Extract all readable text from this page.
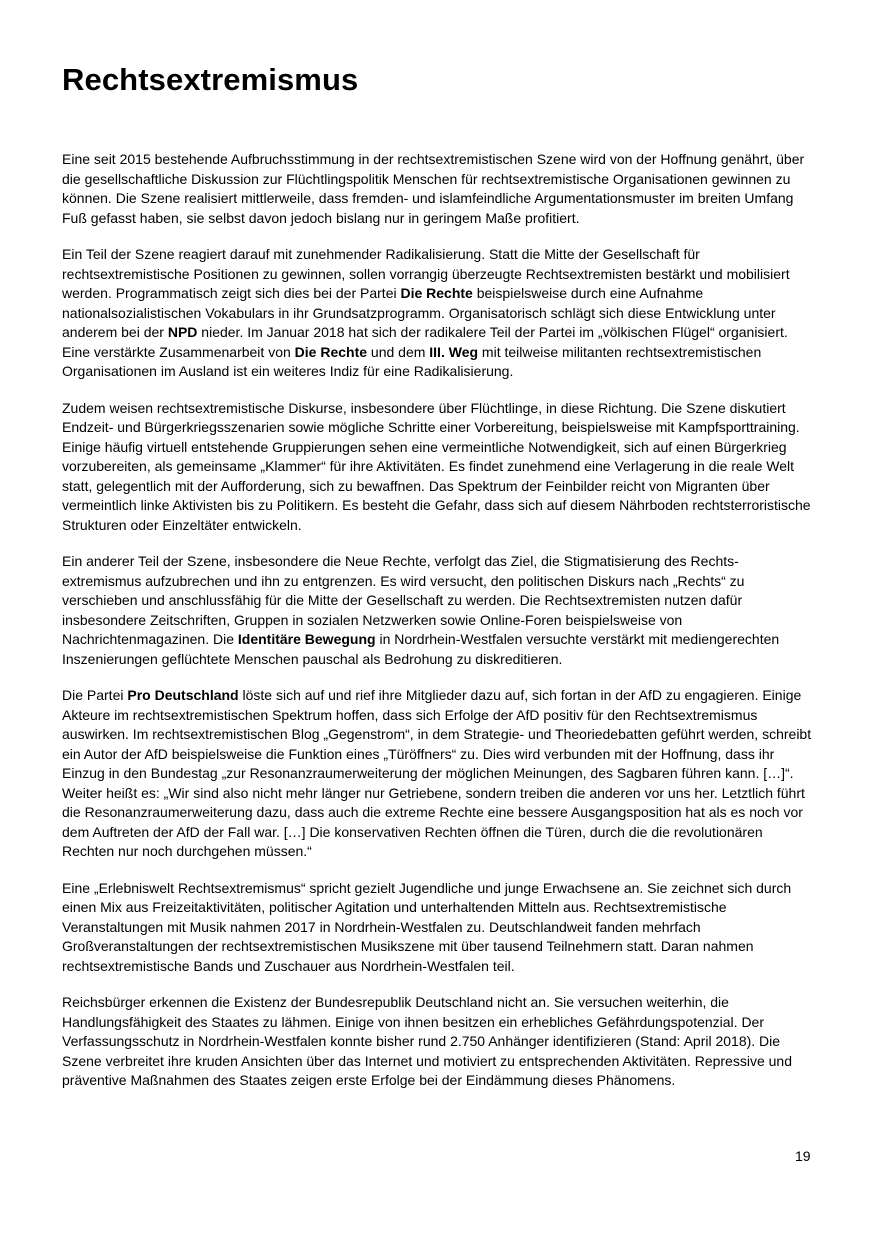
Rechtsextremismus

Eine seit 2015 bestehende Aufbruchsstimmung in der rechtsextremistischen Szene wird von der Hoffnung genährt, über die gesellschaftliche Diskussion zur Flüchtlingspolitik Menschen für rechtsextremistische Organisationen gewinnen zu können. Die Szene realisiert mittlerweile, dass fremden- und islamfeindliche Argumentationsmuster im breiten Umfang Fuß gefasst haben, sie selbst davon jedoch bislang nur in geringem Maße profitiert.

Ein Teil der Szene reagiert darauf mit zunehmender Radikalisierung. Statt die Mitte der Gesellschaft für rechtsextremistische Positionen zu gewinnen, sollen vorrangig überzeugte Rechtsextremisten bestärkt und mobilisiert werden. Programmatisch zeigt sich dies bei der Partei Die Rechte beispielsweise durch eine Aufnahme nationalsozialistischen Vokabulars in ihr Grundsatzprogramm. Organisatorisch schlägt sich diese Entwicklung unter anderem bei der NPD nieder. Im Januar 2018 hat sich der radikalere Teil der Partei im „völkischen Flügel“ organisiert. Eine verstärkte Zusammenarbeit von Die Rechte und dem III. Weg mit teilweise militanten rechtsextremistischen Organisationen im Ausland ist ein weiteres Indiz für eine Radikalisierung.

Zudem weisen rechtsextremistische Diskurse, insbesondere über Flüchtlinge, in diese Richtung. Die Szene diskutiert Endzeit- und Bürgerkriegsszenarien sowie mögliche Schritte einer Vorbereitung, beispielsweise mit Kampfsporttraining. Einige häufig virtuell entstehende Gruppierungen sehen eine vermeintliche Notwendigkeit, sich auf einen Bürgerkrieg vorzubereiten, als gemeinsame „Klammer“ für ihre Aktivitäten. Es findet zunehmend eine Verlagerung in die reale Welt statt, gelegentlich mit der Aufforderung, sich zu bewaffnen. Das Spektrum der Feinbilder reicht von Migranten über vermeintlich linke Aktivisten bis zu Politikern. Es besteht die Gefahr, dass sich auf diesem Nährboden rechtsterroristische Strukturen oder Einzeltäter entwickeln.

Ein anderer Teil der Szene, insbesondere die Neue Rechte, verfolgt das Ziel, die Stigmatisierung des Rechts-extremismus aufzubrechen und ihn zu entgrenzen. Es wird versucht, den politischen Diskurs nach „Rechts“ zu verschieben und anschlussfähig für die Mitte der Gesellschaft zu werden. Die Rechtsextremisten nutzen dafür insbesondere Zeitschriften, Gruppen in sozialen Netzwerken sowie Online-Foren beispielsweise von Nachrichtenmagazinen. Die Identitäre Bewegung in Nordrhein-Westfalen versuchte verstärkt mit mediengerechten Inszenierungen geflüchtete Menschen pauschal als Bedrohung zu diskreditieren.

Die Partei Pro Deutschland löste sich auf und rief ihre Mitglieder dazu auf, sich fortan in der AfD zu engagieren. Einige Akteure im rechtsextremistischen Spektrum hoffen, dass sich Erfolge der AfD positiv für den Rechtsextremismus auswirken. Im rechtsextremistischen Blog „Gegenstrom“, in dem Strategie- und Theoriedebatten geführt werden, schreibt ein Autor der AfD beispielsweise die Funktion eines „Türöffners“ zu. Dies wird verbunden mit der Hoffnung, dass ihr Einzug in den Bundestag „zur Resonanzraumerweiterung der möglichen Meinungen, des Sagbaren führen kann. […]“. Weiter heißt es: „Wir sind also nicht mehr länger nur Getriebene, sondern treiben die anderen vor uns her. Letztlich führt die Resonanzraumerweiterung dazu, dass auch die extreme Rechte eine bessere Ausgangsposition hat als es noch vor dem Auftreten der AfD der Fall war. […] Die konservativen Rechten öffnen die Türen, durch die die revolutionären Rechten nur noch durchgehen müssen.“

Eine „Erlebniswelt Rechtsextremismus“ spricht gezielt Jugendliche und junge Erwachsene an. Sie zeichnet sich durch einen Mix aus Freizeitaktivitäten, politischer Agitation und unterhaltenden Mitteln aus. Rechtsextremistische Veranstaltungen mit Musik nahmen 2017 in Nordrhein-Westfalen zu. Deutschlandweit fanden mehrfach Großveranstaltungen der rechtsextremistischen Musikszene mit über tausend Teilnehmern statt. Daran nahmen rechtsextremistische Bands und Zuschauer aus Nordrhein-Westfalen teil.

Reichsbürger erkennen die Existenz der Bundesrepublik Deutschland nicht an. Sie versuchen weiterhin, die Handlungsfähigkeit des Staates zu lähmen. Einige von ihnen besitzen ein erhebliches Gefährdungspotenzial. Der Verfassungsschutz in Nordrhein-Westfalen konnte bisher rund 2.750 Anhänger identifizieren (Stand: April 2018). Die Szene verbreitet ihre kruden Ansichten über das Internet und motiviert zu entsprechenden Aktivitäten. Repressive und präventive Maßnahmen des Staates zeigen erste Erfolge bei der Eindämmung dieses Phänomens.

19
